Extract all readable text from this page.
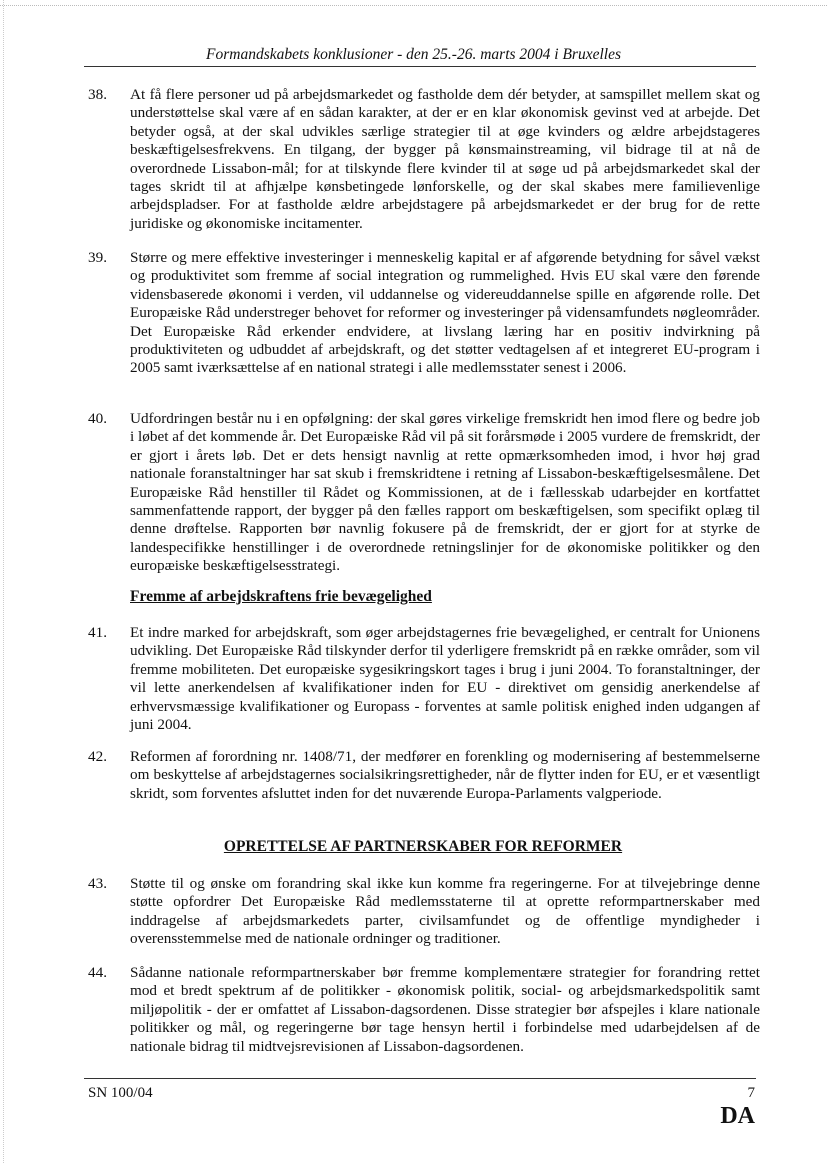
Formandskabets konklusioner - den 25.-26. marts 2004 i Bruxelles
38. At få flere personer ud på arbejdsmarkedet og fastholde dem dér betyder, at samspillet mellem skat og understøttelse skal være af en sådan karakter, at der er en klar økonomisk gevinst ved at arbejde. Det betyder også, at der skal udvikles særlige strategier til at øge kvinders og ældre arbejdstageres beskæftigelsesfrekvens. En tilgang, der bygger på kønsmainstreaming, vil bidrage til at nå de overordnede Lissabon-mål; for at tilskynde flere kvinder til at søge ud på arbejdsmarkedet skal der tages skridt til at afhjælpe kønsbetingede lønforskelle, og der skal skabes mere familievenlige arbejdspladser. For at fastholde ældre arbejdstagere på arbejdsmarkedet er der brug for de rette juridiske og økonomiske incitamenter.
39. Større og mere effektive investeringer i menneskelig kapital er af afgørende betydning for såvel vækst og produktivitet som fremme af social integration og rummelighed. Hvis EU skal være den førende vidensbaserede økonomi i verden, vil uddannelse og videreuddannelse spille en afgørende rolle. Det Europæiske Råd understreger behovet for reformer og investeringer på vidensamfundets nøgleområder. Det Europæiske Råd erkender endvidere, at livslang læring har en positiv indvirkning på produktiviteten og udbuddet af arbejdskraft, og det støtter vedtagelsen af et integreret EU-program i 2005 samt iværksættelse af en national strategi i alle medlemsstater senest i 2006.
40. Udfordringen består nu i en opfølgning: der skal gøres virkelige fremskridt hen imod flere og bedre job i løbet af det kommende år. Det Europæiske Råd vil på sit forårsmøde i 2005 vurdere de fremskridt, der er gjort i årets løb. Det er dets hensigt navnlig at rette opmærksomheden imod, i hvor høj grad nationale foranstaltninger har sat skub i fremskridtene i retning af Lissabon-beskæftigelsesmålene. Det Europæiske Råd henstiller til Rådet og Kommissionen, at de i fællesskab udarbejder en kortfattet sammenfattende rapport, der bygger på den fælles rapport om beskæftigelsen, som specifikt oplæg til denne drøftelse. Rapporten bør navnlig fokusere på de fremskridt, der er gjort for at styrke de landespecifikke henstillinger i de overordnede retningslinjer for de økonomiske politikker og den europæiske beskæftigelsesstrategi.
Fremme af arbejdskraftens frie bevægelighed
41. Et indre marked for arbejdskraft, som øger arbejdstagernes frie bevægelighed, er centralt for Unionens udvikling. Det Europæiske Råd tilskynder derfor til yderligere fremskridt på en række områder, som vil fremme mobiliteten. Det europæiske sygesikringskort tages i brug i juni 2004. To foranstaltninger, der vil lette anerkendelsen af kvalifikationer inden for EU - direktivet om gensidig anerkendelse af erhvervsmæssige kvalifikationer og Europass - forventes at samle politisk enighed inden udgangen af juni 2004.
42. Reformen af forordning nr. 1408/71, der medfører en forenkling og modernisering af bestemmelserne om beskyttelse af arbejdstagernes socialsikringsrettigheder, når de flytter inden for EU, er et væsentligt skridt, som forventes afsluttet inden for det nuværende Europa-Parlaments valgperiode.
OPRETTELSE AF PARTNERSKABER FOR REFORMER
43. Støtte til og ønske om forandring skal ikke kun komme fra regeringerne. For at tilvejebringe denne støtte opfordrer Det Europæiske Råd medlemsstaterne til at oprette reformpartnerskaber med inddragelse af arbejdsmarkedets parter, civilsamfundet og de offentlige myndigheder i overensstemmelse med de nationale ordninger og traditioner.
44. Sådanne nationale reformpartnerskaber bør fremme komplementære strategier for forandring rettet mod et bredt spektrum af de politikker - økonomisk politik, social- og arbejdsmarkedspolitik samt miljøpolitik - der er omfattet af Lissabon-dagsordenen. Disse strategier bør afspejles i klare nationale politikker og mål, og regeringerne bør tage hensyn hertil i forbindelse med udarbejdelsen af de nationale bidrag til midtvejsrevisionen af Lissabon-dagsordenen.
SN 100/04	7
DA
